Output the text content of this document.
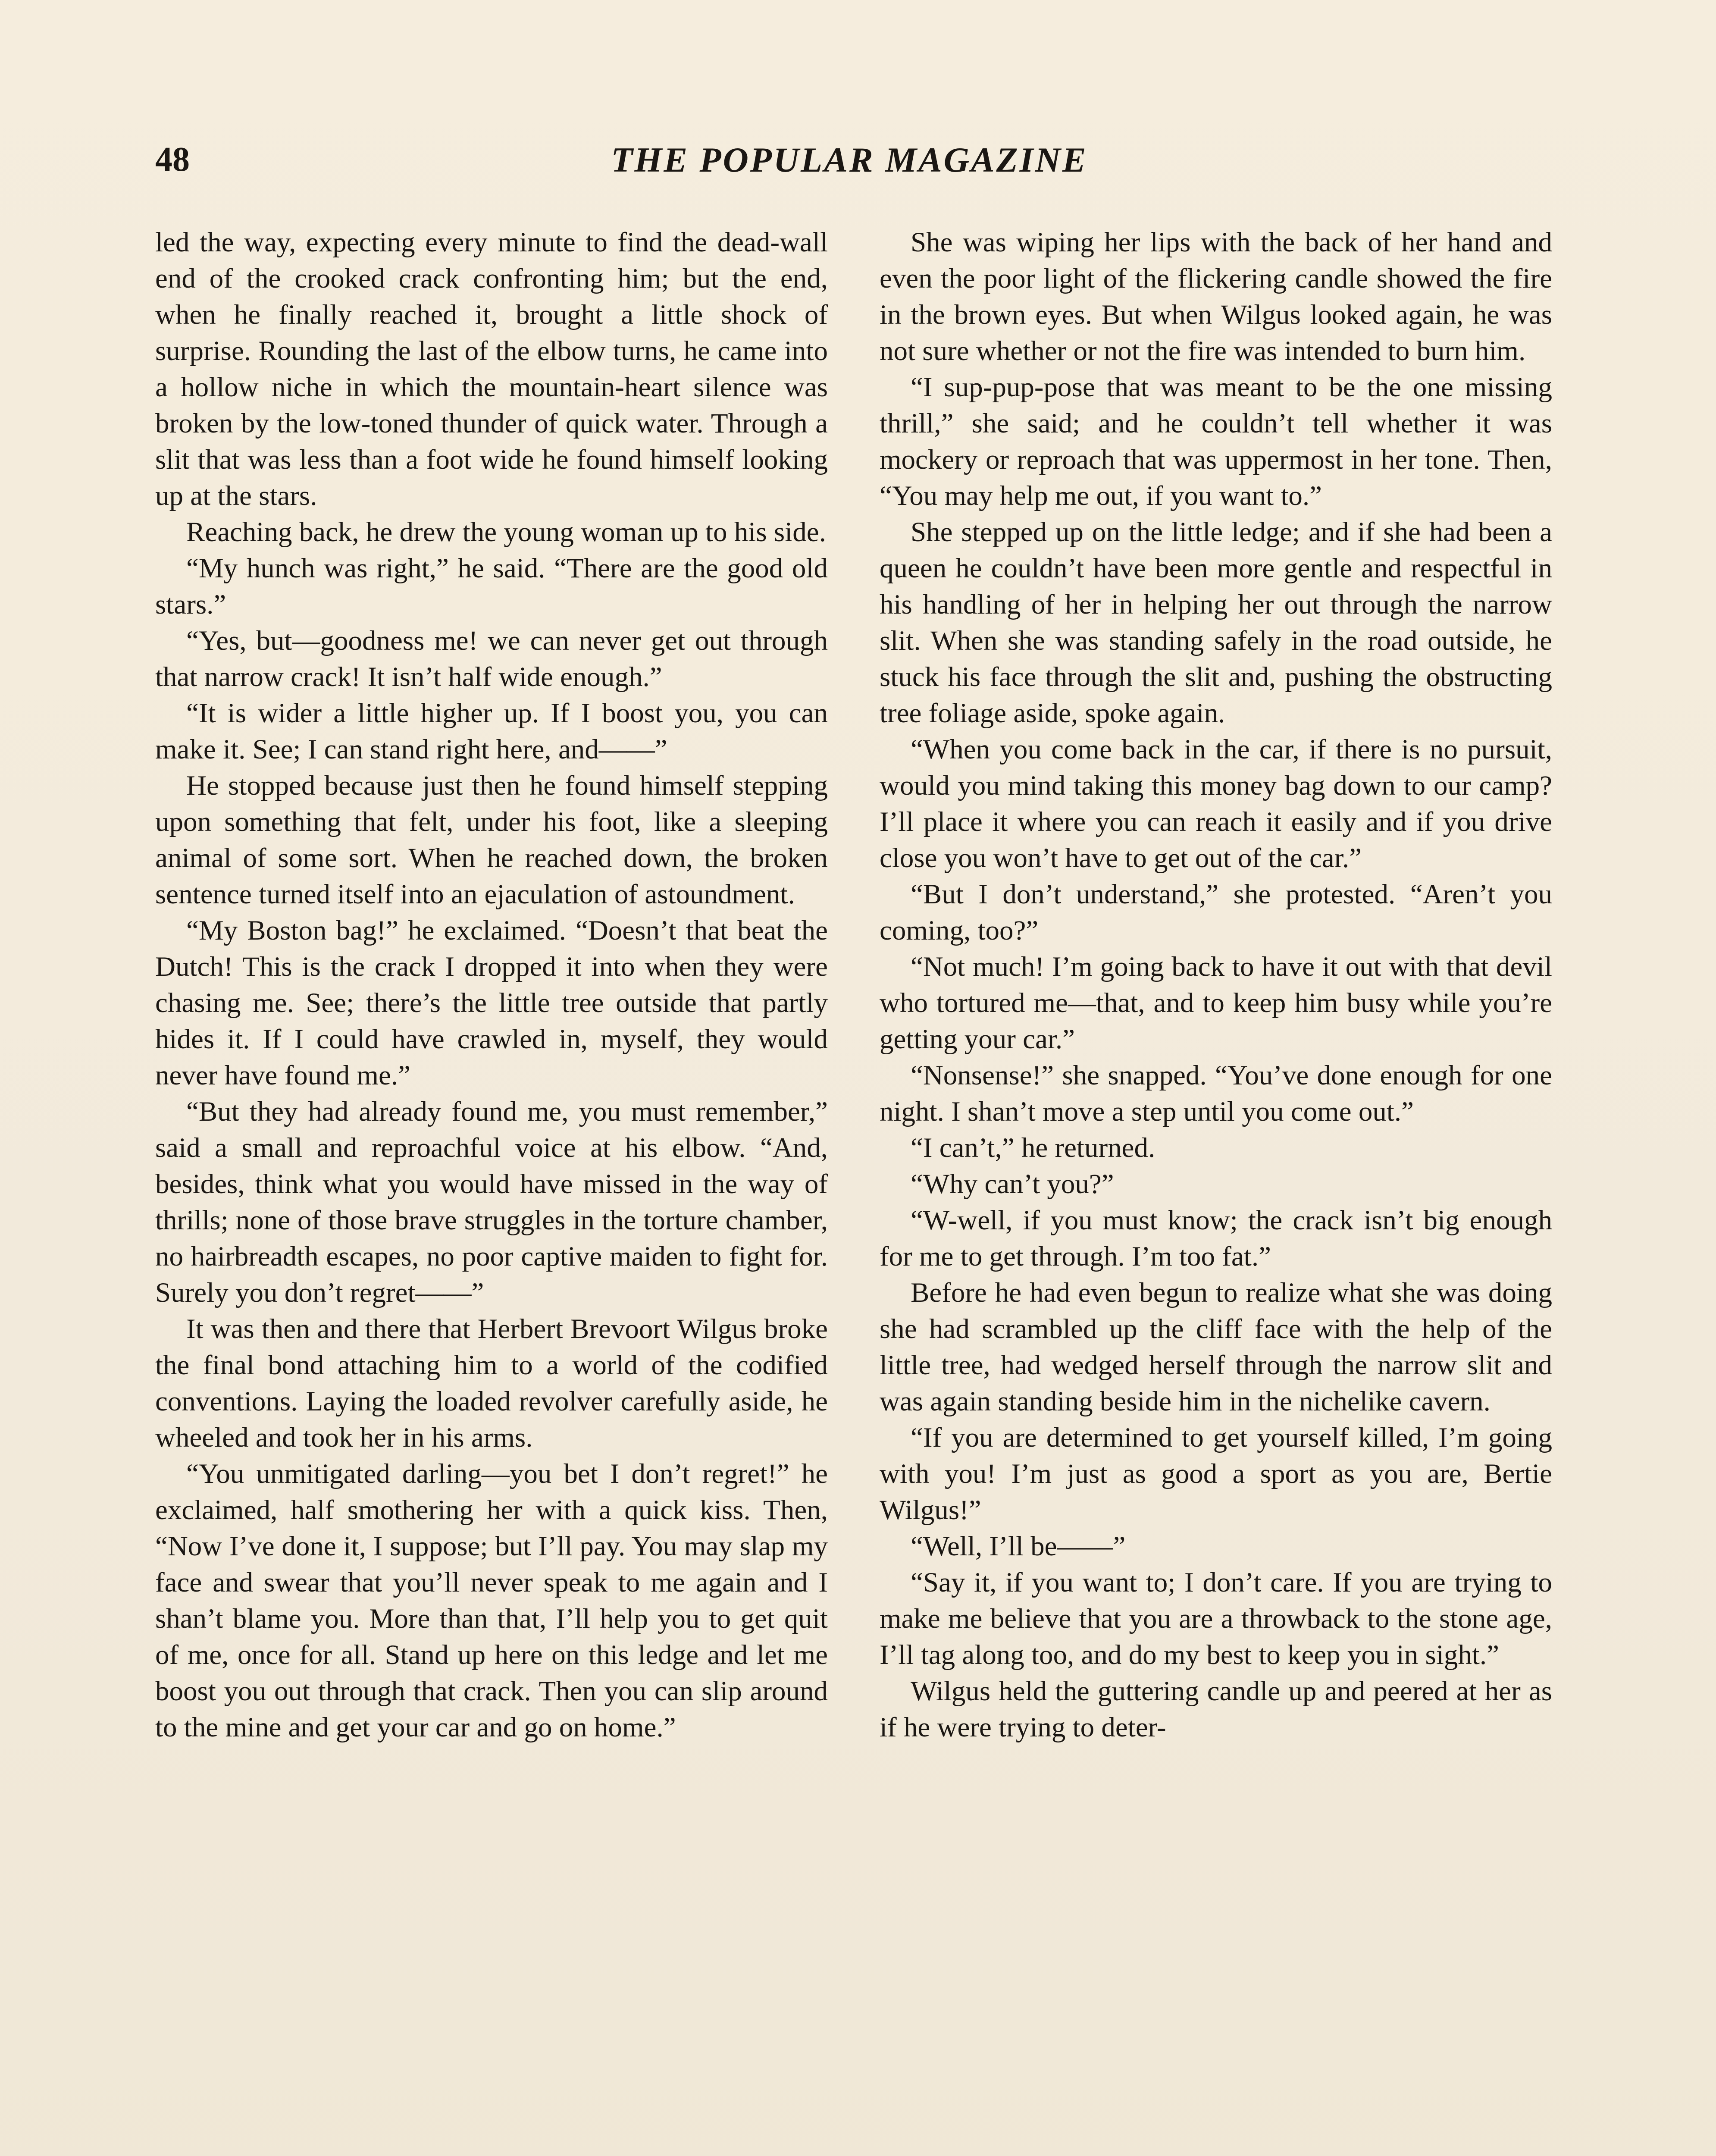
48	THE POPULAR MAGAZINE

led the way, expecting every minute to find the dead-wall end of the crooked crack confronting him; but the end, when he finally reached it, brought a little shock of surprise. Rounding the last of the elbow turns, he came into a hollow niche in which the mountain-heart silence was broken by the low-toned thunder of quick water. Through a slit that was less than a foot wide he found himself looking up at the stars.

Reaching back, he drew the young woman up to his side.

“My hunch was right,” he said. “There are the good old stars.”

“Yes, but—goodness me! we can never get out through that narrow crack! It isn’t half wide enough.”

“It is wider a little higher up. If I boost you, you can make it. See; I can stand right here, and——”

He stopped because just then he found himself stepping upon something that felt, under his foot, like a sleeping animal of some sort. When he reached down, the broken sentence turned itself into an ejaculation of astoundment.

“My Boston bag!” he exclaimed. “Doesn’t that beat the Dutch! This is the crack I dropped it into when they were chasing me. See; there’s the little tree outside that partly hides it. If I could have crawled in, myself, they would never have found me.”

“But they had already found me, you must remember,” said a small and reproachful voice at his elbow. “And, besides, think what you would have missed in the way of thrills; none of those brave struggles in the torture chamber, no hairbreadth escapes, no poor captive maiden to fight for. Surely you don’t regret——”

It was then and there that Herbert Brevoort Wilgus broke the final bond attaching him to a world of the codified conventions. Laying the loaded revolver carefully aside, he wheeled and took her in his arms.

“You unmitigated darling—you bet I don’t regret!” he exclaimed, half smothering her with a quick kiss. Then, “Now I’ve done it, I suppose; but I’ll pay. You may slap my face and swear that you’ll never speak to me again and I shan’t blame you. More than that, I’ll help you to get quit of me, once for all. Stand up here on this ledge and let me boost you out through that crack. Then you can slip around to the mine and get your car and go on home.”

She was wiping her lips with the back of her hand and even the poor light of the flickering candle showed the fire in the brown eyes. But when Wilgus looked again, he was not sure whether or not the fire was intended to burn him.

“I sup-pup-pose that was meant to be the one missing thrill,” she said; and he couldn’t tell whether it was mockery or reproach that was uppermost in her tone. Then, “You may help me out, if you want to.”

She stepped up on the little ledge; and if she had been a queen he couldn’t have been more gentle and respectful in his handling of her in helping her out through the narrow slit. When she was standing safely in the road outside, he stuck his face through the slit and, pushing the obstructing tree foliage aside, spoke again.

“When you come back in the car, if there is no pursuit, would you mind taking this money bag down to our camp? I’ll place it where you can reach it easily and if you drive close you won’t have to get out of the car.”

“But I don’t understand,” she protested. “Aren’t you coming, too?”

“Not much! I’m going back to have it out with that devil who tortured me—that, and to keep him busy while you’re getting your car.”

“Nonsense!” she snapped. “You’ve done enough for one night. I shan’t move a step until you come out.”

“I can’t,” he returned.

“Why can’t you?”

“W-well, if you must know; the crack isn’t big enough for me to get through. I’m too fat.”

Before he had even begun to realize what she was doing she had scrambled up the cliff face with the help of the little tree, had wedged herself through the narrow slit and was again standing beside him in the nichelike cavern.

“If you are determined to get yourself killed, I’m going with you! I’m just as good a sport as you are, Bertie Wilgus!”

“Well, I’ll be——”

“Say it, if you want to; I don’t care. If you are trying to make me believe that you are a throwback to the stone age, I’ll tag along too, and do my best to keep you in sight.”

Wilgus held the guttering candle up and peered at her as if he were trying to deter-
